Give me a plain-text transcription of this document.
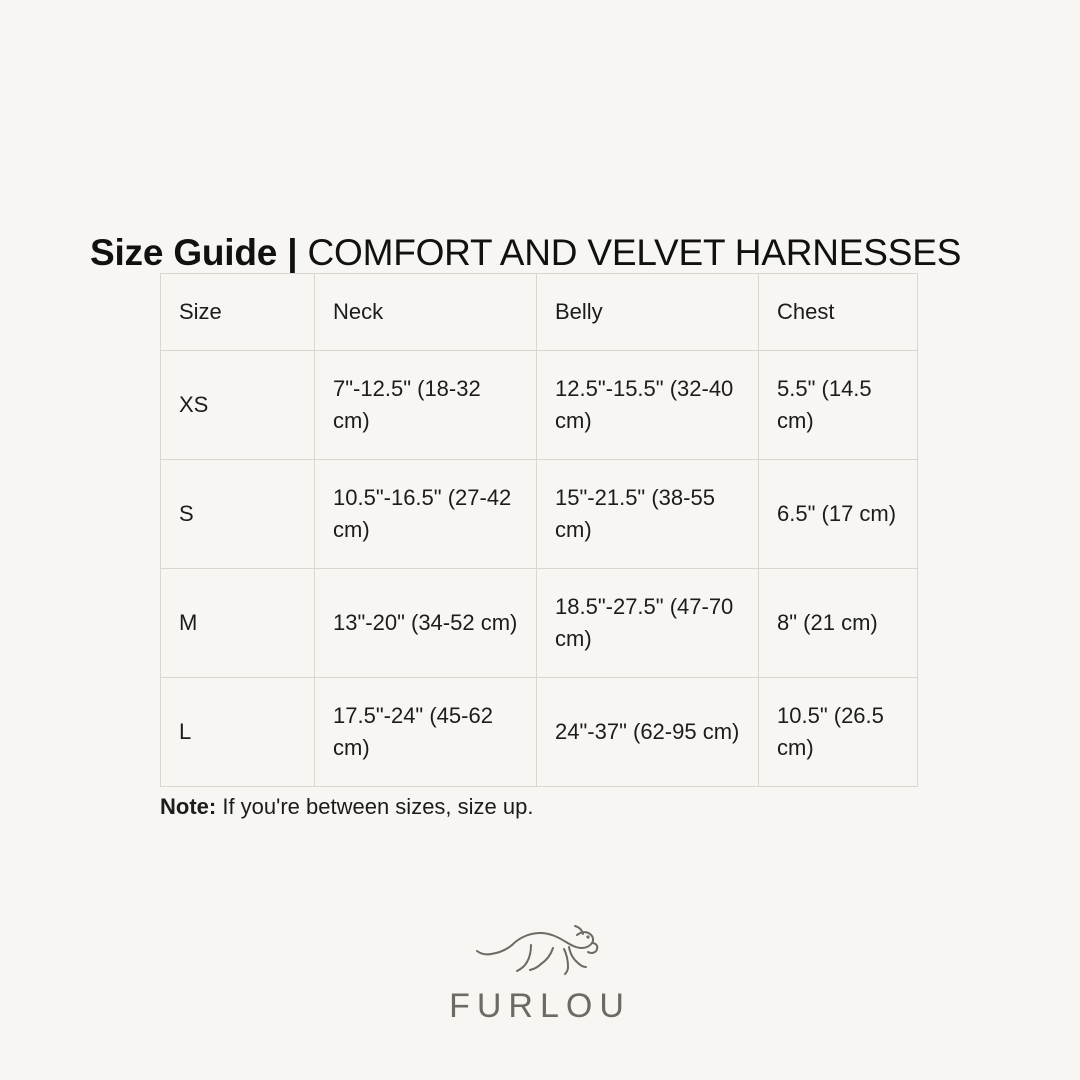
Size Guide | COMFORT AND VELVET HARNESSES
Size	Neck	Belly	Chest
XS	7"-12.5" (18-32 cm)	12.5"-15.5" (32-40 cm)	5.5" (14.5 cm)
S	10.5"-16.5" (27-42 cm)	15"-21.5" (38-55 cm)	6.5" (17 cm)
M	13"-20" (34-52 cm)	18.5"-27.5" (47-70 cm)	8" (21 cm)
L	17.5"-24" (45-62 cm)	24"-37" (62-95 cm)	10.5" (26.5 cm)

Note: If you're between sizes, size up.

FURLOU
